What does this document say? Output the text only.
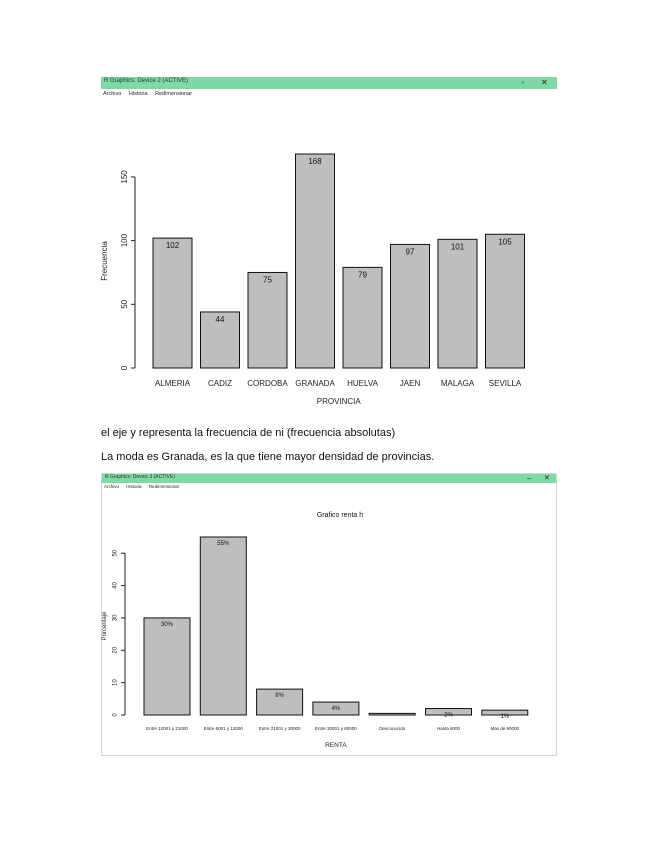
R Graphics: Device 2 (ACTIVE)	▫ ✕
Archivo Historia Redimensionar
0
50
100
150
Frecuencia	102
ALMERIA
44
CADIZ
75
CORDOBA
168
GRANADA
79
HUELVA
97
JAEN
101
MALAGA
105
SEVILLA
PROVINCIA
el eje y representa la frecuencia de ni (frecuencia absolutas)
La moda es Granada, es la que tiene mayor densidad de provincias.
R Graphics: Device 3 (ACTIVE)	– ✕
Archivo Historia Redimensionar
Grafico renta h
0
10
20
30
40
50
Porcentaje	30%
Entre 12001 y 21000
55%
Entre 6001 y 12000
8%
Entre 21001 y 30000
4%
Entre 30001 y 60000	Desconocido
2%
Hasta 6000
1%
Mas de 60000
RENTA
